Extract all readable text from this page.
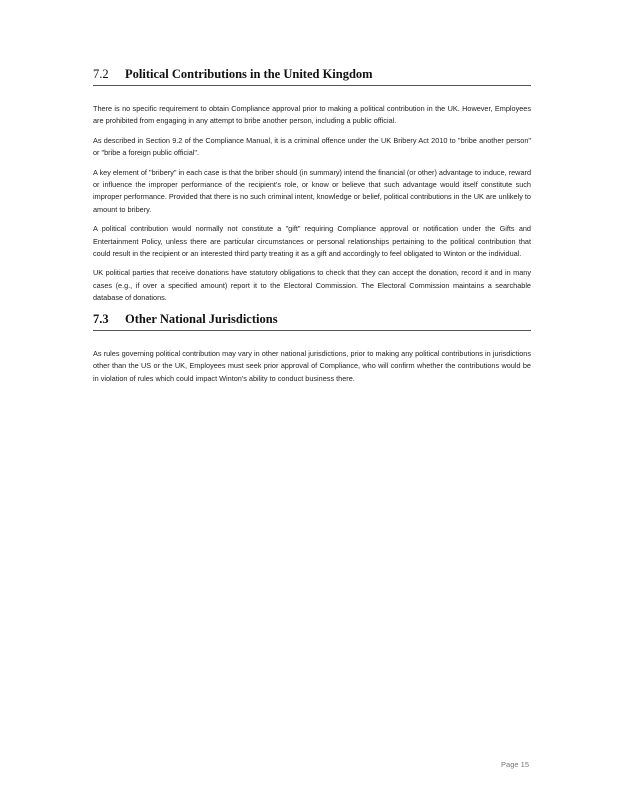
7.2	Political Contributions in the United Kingdom

There is no specific requirement to obtain Compliance approval prior to making a political contribution in the UK. However, Employees are prohibited from engaging in any attempt to bribe another person, including a public official.

As described in Section 9.2 of the Compliance Manual, it is a criminal offence under the UK Bribery Act 2010 to "bribe another person" or "bribe a foreign public official".

A key element of "bribery" in each case is that the briber should (in summary) intend the financial (or other) advantage to induce, reward or influence the improper performance of the recipient's role, or know or believe that such advantage would itself constitute such improper performance. Provided that there is no such criminal intent, knowledge or belief, political contributions in the UK are unlikely to amount to bribery.

A political contribution would normally not constitute a "gift" requiring Compliance approval or notification under the Gifts and Entertainment Policy, unless there are particular circumstances or personal relationships pertaining to the political contribution that could result in the recipient or an interested third party treating it as a gift and accordingly to feel obligated to Winton or the individual.

UK political parties that receive donations have statutory obligations to check that they can accept the donation, record it and in many cases (e.g., if over a specified amount) report it to the Electoral Commission. The Electoral Commission maintains a searchable database of donations.

7.3	Other National Jurisdictions

As rules governing political contribution may vary in other national jurisdictions, prior to making any political contributions in jurisdictions other than the US or the UK, Employees must seek prior approval of Compliance, who will confirm whether the contributions would be in violation of rules which could impact Winton's ability to conduct business there.

Page 15
